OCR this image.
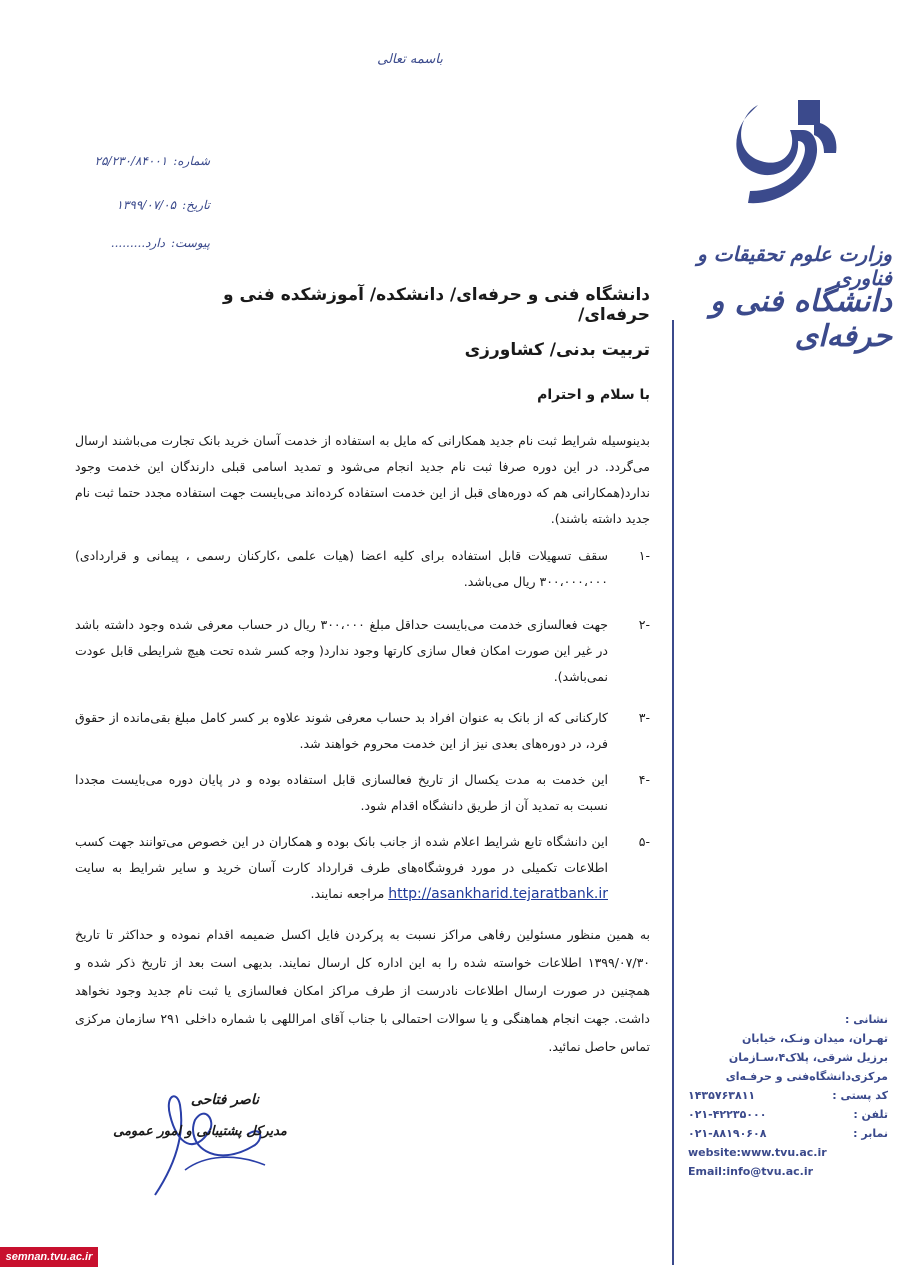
باسمه تعالی
شماره:۲۵/۲۳۰/۸۴۰۰۱
تاریخ:۱۳۹۹/۰۷/۰۵
پیوست:دارد.........	وزارت علوم تحقیقات و فناوری
دانشگاه فنی و حرفه‌ای
دانشگاه فنی و حرفه‌ای/ دانشکده/ آموزشکده فنی و حرفه‌ای/
تربیت بدنی/ کشاورزی
با سلام و احترام
بدینوسیله شرایط ثبت نام جدید همکارانی که مایل به استفاده از خدمت آسان خرید بانک تجارت می‌باشند ارسال می‌گردد. در این دوره صرفا ثبت نام جدید انجام می‌شود و تمدید اسامی قبلی دارندگان این خدمت وجود ندارد(همکارانی هم که دوره‌های قبل از این خدمت استفاده کرده‌اند می‌بایست جهت استفاده مجدد حتما ثبت نام جدید داشته باشند).
-۱
سقف تسهیلات قابل استفاده برای کلیه اعضا (هیات علمی ،کارکنان رسمی ، پیمانی و قراردادی) ۳۰۰،۰۰۰،۰۰۰ ریال می‌باشد.
-۲
جهت فعالسازی خدمت می‌بایست حداقل مبلغ ۳۰۰،۰۰۰ ریال در حساب معرفی شده وجود داشته باشد در غیر این صورت امکان فعال سازی کارتها وجود ندارد( وجه کسر شده تحت هیچ شرایطی قابل عودت نمی‌باشد).
-۳
کارکنانی که از بانک به عنوان افراد بد حساب معرفی شوند علاوه بر کسر کامل مبلغ بقی‌مانده از حقوق فرد، در دوره‌های بعدی نیز از این خدمت محروم خواهند شد.
-۴
این خدمت به مدت یکسال از تاریخ فعالسازی قابل استفاده بوده و در پایان دوره می‌بایست مجددا نسبت به تمدید آن از طریق دانشگاه اقدام شود.
-۵
این دانشگاه تابع شرایط اعلام شده از جانب بانک بوده و همکاران در این خصوص می‌توانند جهت کسب اطلاعات تکمیلی در مورد فروشگاه‌های طرف قرارداد کارت آسان خرید و سایر شرایط به سایت http://asankharid.tejaratbank.ir مراجعه نمایند.
به همین منظور مسئولین رفاهی مراکز نسبت به پرکردن فایل اکسل ضمیمه اقدام نموده و حداکثر تا تاریخ ۱۳۹۹/۰۷/۳۰ اطلاعات خواسته شده را به این اداره کل ارسال نمایند. بدیهی است بعد از تاریخ ذکر شده و همچنین در صورت ارسال اطلاعات نادرست از طرف مراکز امکان فعالسازی یا ثبت نام جدید وجود نخواهد داشت. جهت انجام هماهنگی و یا سوالات احتمالی با جناب آقای امراللهی با شماره داخلی ۲۹۱ سازمان مرکزی تماس حاصل نمائید.
ناصر فتاحی
مدیرکل پشتیبانی و امور عمومی
نشانی :
تهـران، میدان ونـک، خیابان
برزیل شرقی، پلاک۴،سـازمان
مرکزی‌دانشگاه‌فنی و حرفـه‌ای
کد پستی :
۱۴۳۵۷۶۳۸۱۱
تلفن :
۰۲۱-۴۲۲۳۵۰۰۰
نمابر :
۰۲۱-۸۸۱۹۰۶۰۸
website:www.tvu.ac.ir
Email:info@tvu.ac.ir
semnan.tvu.ac.ir
